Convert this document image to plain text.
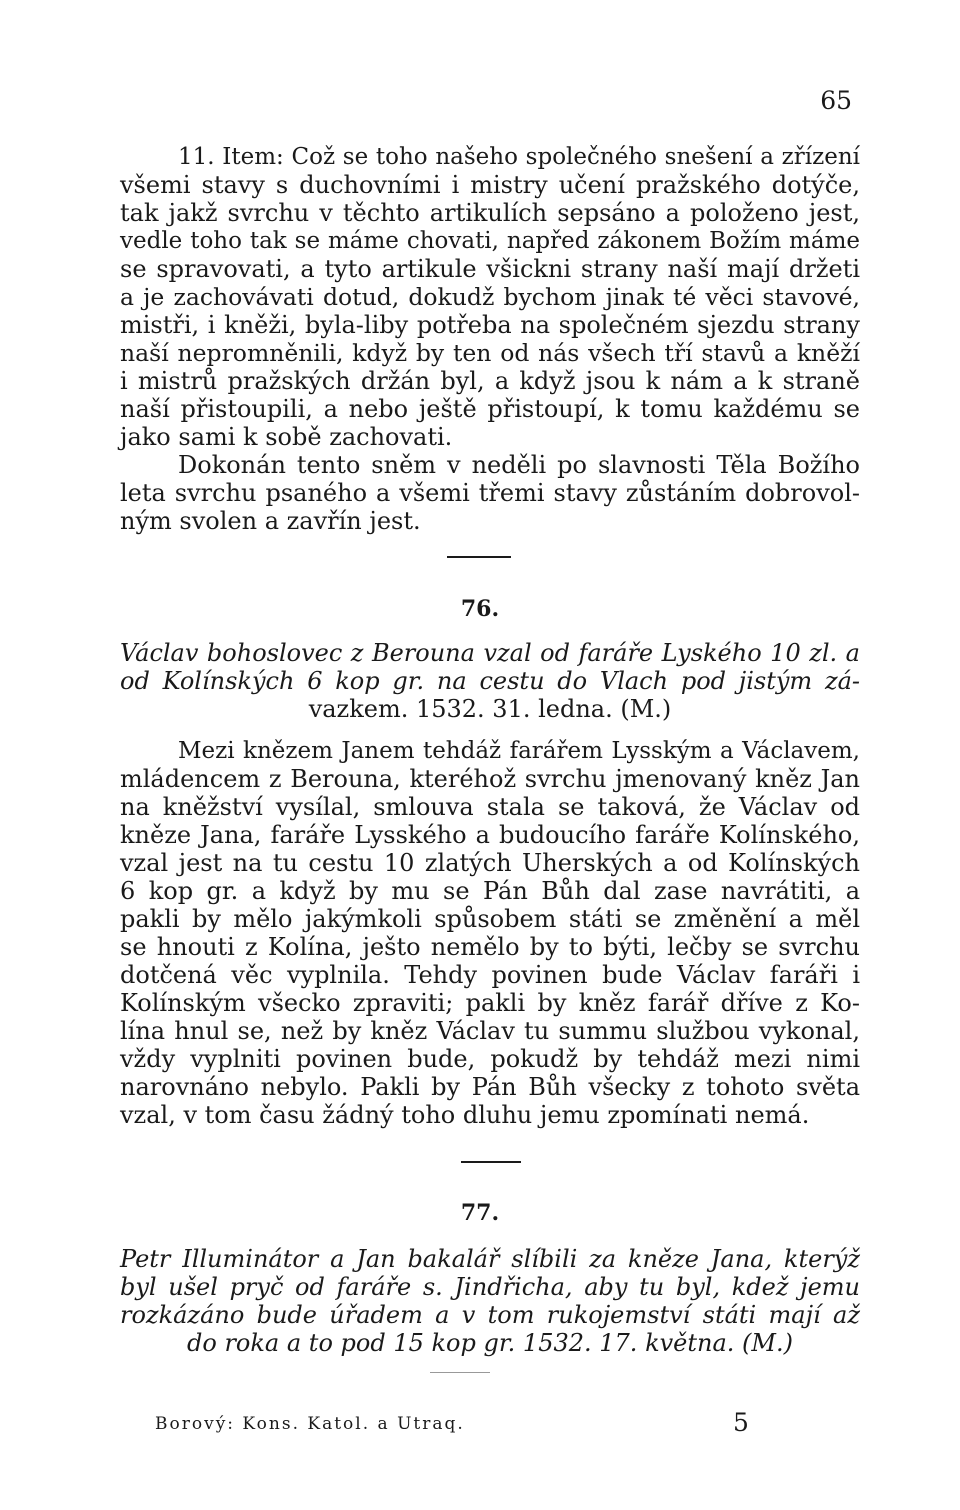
65
11. Item: Což se toho našeho společného snešení a zřízení
všemi stavy s duchovními i mistry učení pražského dotýče,
tak jakž svrchu v těchto artikulích sepsáno a položeno jest,
vedle toho tak se máme chovati, napřed zákonem Božím máme
se spravovati, a tyto artikule všickni strany naší mají držeti
a je zachovávati dotud, dokudž bychom jinak té věci stavové,
mistři, i kněži, byla-liby potřeba na společném sjezdu strany
naší nepromněnili, když by ten od nás všech tří stavů a kněží
i mistrů pražských držán byl, a když jsou k nám a k straně
naší přistoupili, a nebo ještě přistoupí, k tomu každému se
jako sami k sobě zachovati.
Dokonán tento sněm v neděli po slavnosti Těla Božího
leta svrchu psaného a všemi třemi stavy zůstáním dobrovol-
ným svolen a zavřín jest.
76.
Václav bohoslovec z Berouna vzal od faráře Lyského 10 zl. a
od Kolínských 6 kop gr. na cestu do Vlach pod jistým zá-
vazkem. 1532. 31. ledna. (M.)
Mezi knězem Janem tehdáž farářem Lysským a Václavem,
mládencem z Berouna, kteréhož svrchu jmenovaný kněz Jan
na kněžství vysílal, smlouva stala se taková, že Václav od
kněze Jana, faráře Lysského a budoucího faráře Kolínského,
vzal jest na tu cestu 10 zlatých Uherských a od Kolínských
6 kop gr. a když by mu se Pán Bůh dal zase navrátiti, a
pakli by mělo jakýmkoli spůsobem státi se změnění a měl
se hnouti z Kolína, ješto nemělo by to býti, lečby se svrchu
dotčená věc vyplnila. Tehdy povinen bude Václav faráři i
Kolínským všecko zpraviti; pakli by kněz farář dříve z Ko-
lína hnul se, než by kněz Václav tu summu službou vykonal,
vždy vyplniti povinen bude, pokudž by tehdáž mezi nimi
narovnáno nebylo. Pakli by Pán Bůh všecky z tohoto světa
vzal, v tom času žádný toho dluhu jemu zpomínati nemá.
77.
Petr Illuminátor a Jan bakalář slíbili za kněze Jana, kterýž
byl ušel pryč od faráře s. Jindřicha, aby tu byl, kdež jemu
rozkázáno bude úřadem a v tom rukojemství státi mají až
do roka a to pod 15 kop gr. 1532. 17. května. (M.)
Borový: Kons. Katol. a Utraq.	5
